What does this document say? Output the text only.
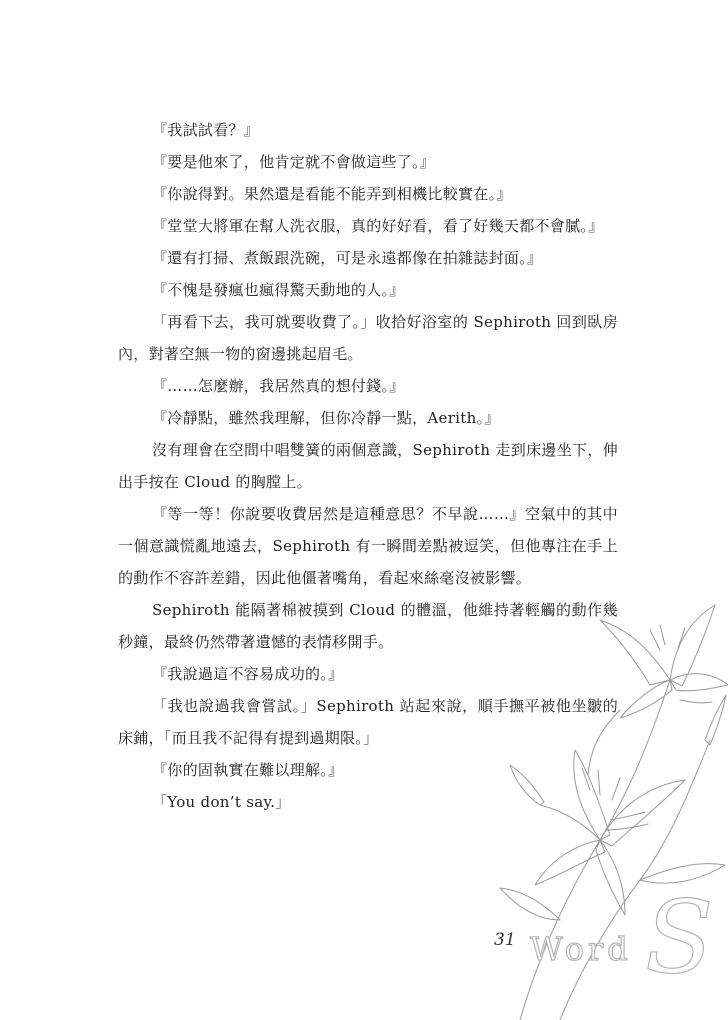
『我試試看？』

『要是他來了，他肯定就不會做這些了。』

『你說得對。果然還是看能不能弄到相機比較實在。』

『堂堂大將軍在幫人洗衣服，真的好好看，看了好幾天都不會膩。』

『還有打掃、煮飯跟洗碗，可是永遠都像在拍雜誌封面。』

『不愧是發瘋也瘋得驚天動地的人。』

「再看下去，我可就要收費了。」收拾好浴室的 Sephiroth 回到臥房內，對著空無一物的窗邊挑起眉毛。

『……怎麼辦，我居然真的想付錢。』

『冷靜點，雖然我理解，但你冷靜一點，Aerith。』

沒有理會在空間中唱雙簧的兩個意識，Sephiroth 走到床邊坐下，伸出手按在 Cloud 的胸膛上。

『等一等！你說要收費居然是這種意思？不早說……』空氣中的其中一個意識慌亂地遠去，Sephiroth 有一瞬間差點被逗笑，但他專注在手上的動作不容許差錯，因此他僵著嘴角，看起來絲毫沒被影響。

Sephiroth 能隔著棉被摸到 Cloud 的體溫，他維持著輕觸的動作幾秒鐘，最終仍然帶著遺憾的表情移開手。

『我說過這不容易成功的。』

「我也說過我會嘗試。」Sephiroth 站起來說，順手撫平被他坐皺的床鋪，「而且我不記得有提到過期限。」

『你的固執實在難以理解。』

「You don’t say.」

S
Word
31
